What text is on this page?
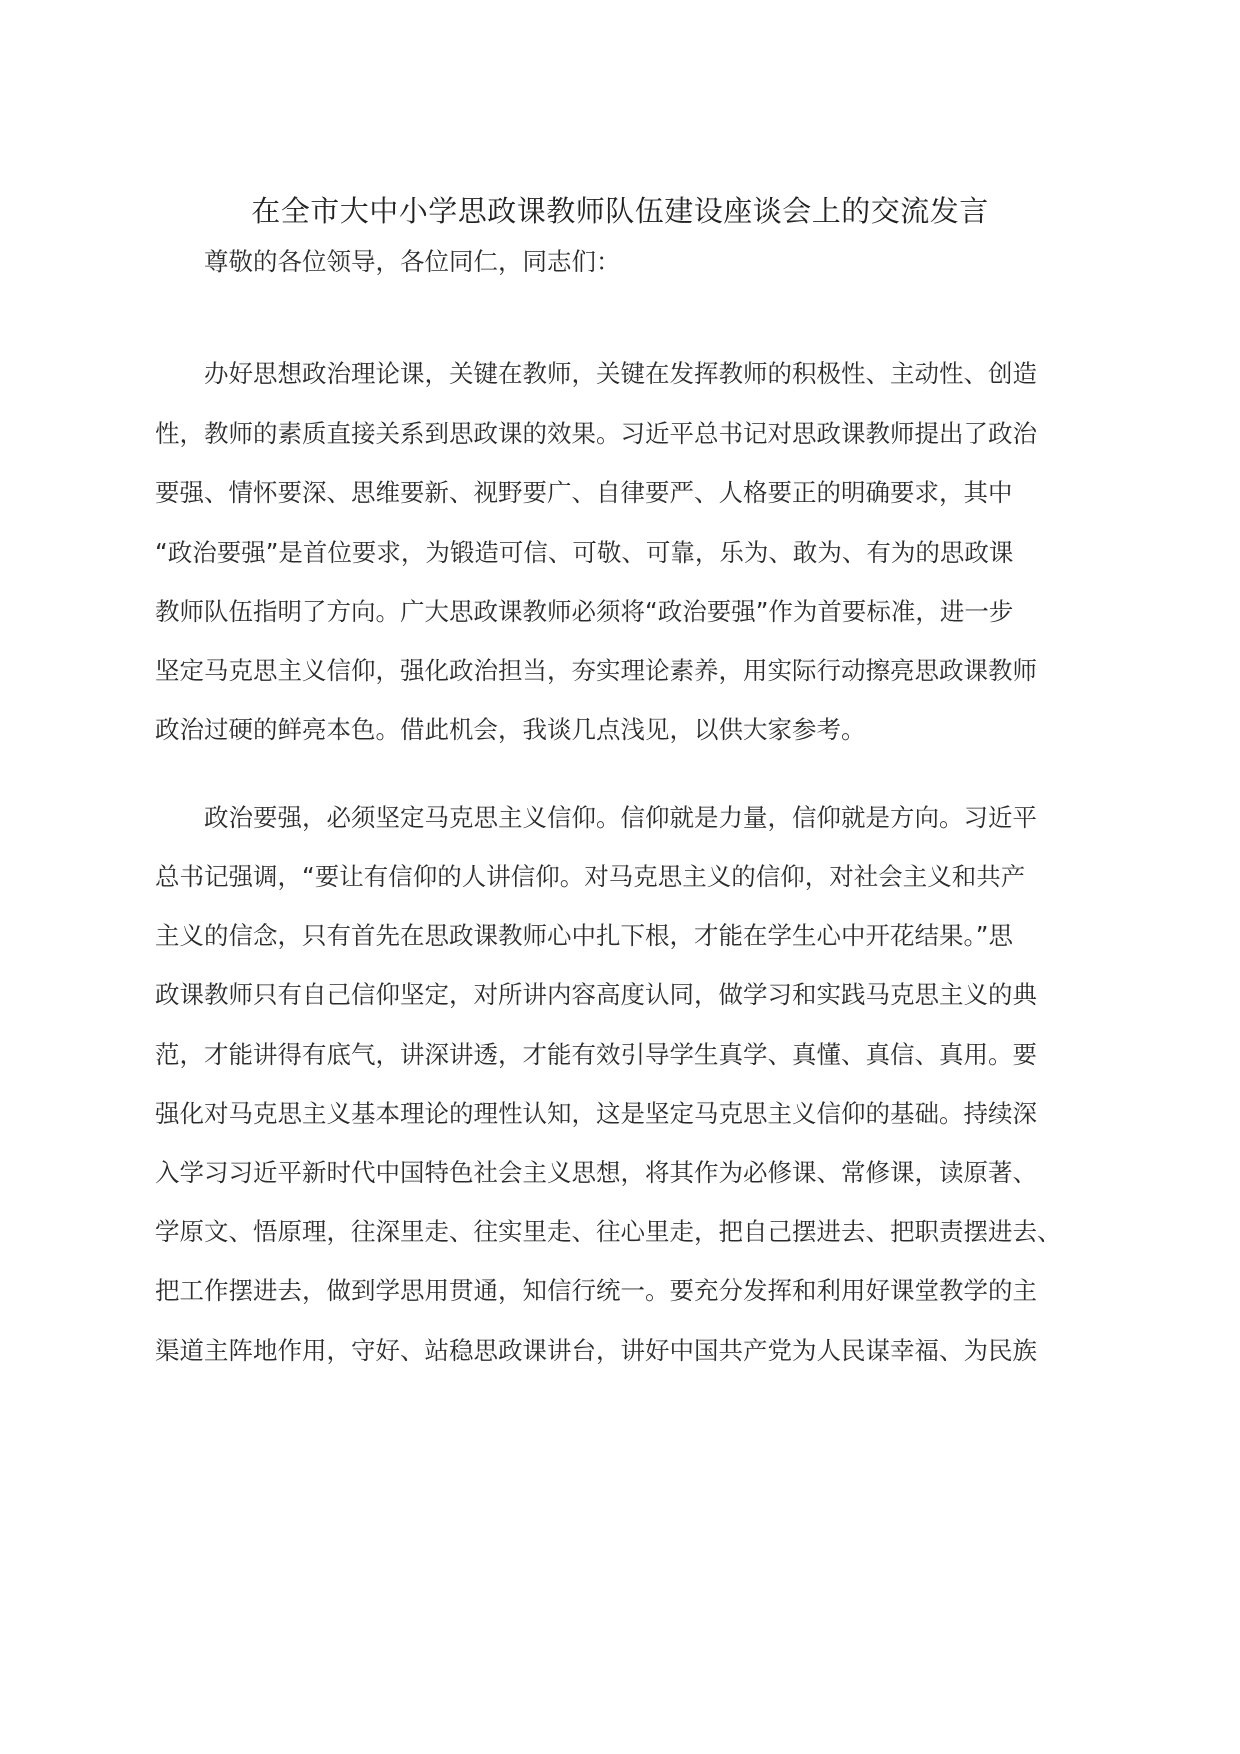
在全市大中小学思政课教师队伍建设座谈会上的交流发言
尊敬的各位领导，各位同仁，同志们：
办好思想政治理论课，关键在教师，关键在发挥教师的积极性、主动性、创造
性，教师的素质直接关系到思政课的效果。习近平总书记对思政课教师提出了政治
要强、情怀要深、思维要新、视野要广、自律要严、人格要正的明确要求，其中
“政治要强”是首位要求，为锻造可信、可敬、可靠，乐为、敢为、有为的思政课
教师队伍指明了方向。广大思政课教师必须将“政治要强”作为首要标准，进一步
坚定马克思主义信仰，强化政治担当，夯实理论素养，用实际行动擦亮思政课教师
政治过硬的鲜亮本色。借此机会，我谈几点浅见，以供大家参考。
政治要强，必须坚定马克思主义信仰。信仰就是力量，信仰就是方向。习近平
总书记强调，“要让有信仰的人讲信仰。对马克思主义的信仰，对社会主义和共产
主义的信念，只有首先在思政课教师心中扎下根，才能在学生心中开花结果。”思
政课教师只有自己信仰坚定，对所讲内容高度认同，做学习和实践马克思主义的典
范，才能讲得有底气，讲深讲透，才能有效引导学生真学、真懂、真信、真用。要
强化对马克思主义基本理论的理性认知，这是坚定马克思主义信仰的基础。持续深
入学习习近平新时代中国特色社会主义思想，将其作为必修课、常修课，读原著、
学原文、悟原理，往深里走、往实里走、往心里走，把自己摆进去、把职责摆进去、
把工作摆进去，做到学思用贯通，知信行统一。要充分发挥和利用好课堂教学的主
渠道主阵地作用，守好、站稳思政课讲台，讲好中国共产党为人民谋幸福、为民族
